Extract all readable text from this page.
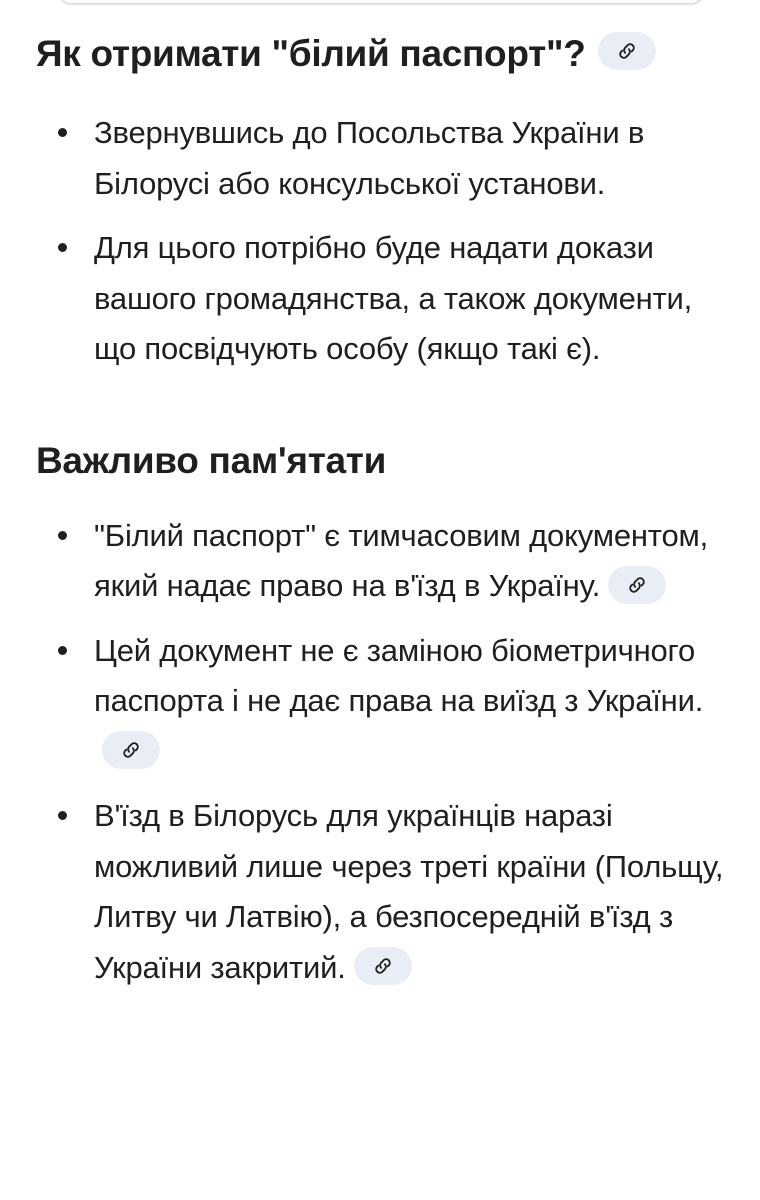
Як отримати "білий паспорт"?
Звернувшись до Посольства України в Білорусі або консульської установи.
Для цього потрібно буде надати докази вашого громадянства, а також документи, що посвідчують особу (якщо такі є).
Важливо пам'ятати
"Білий паспорт" є тимчасовим документом, який надає право на в'їзд в Україну.
Цей документ не є заміною біометричного паспорта і не дає права на виїзд з України.
В'їзд в Білорусь для українців наразі можливий лише через треті країни (Польщу, Литву чи Латвію), а безпосередній в'їзд з України закритий.
